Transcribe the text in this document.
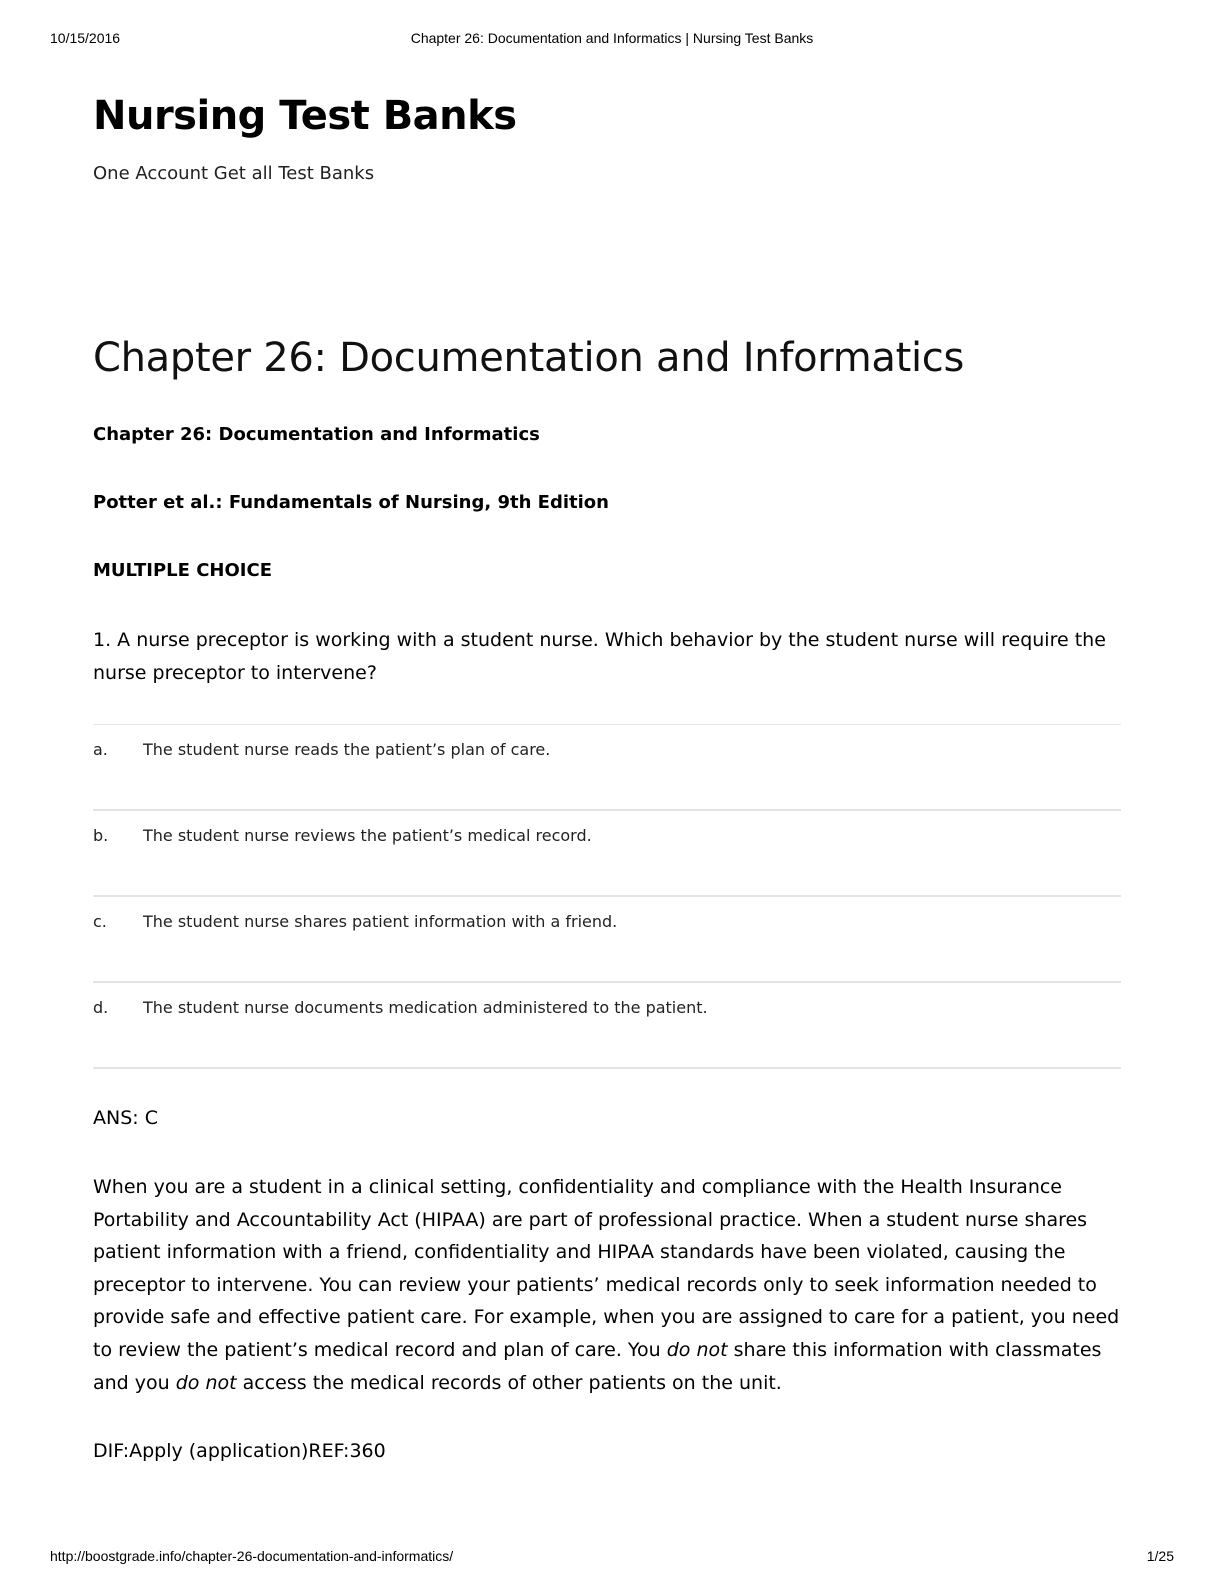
10/15/2016	Chapter 26: Documentation and Informatics | Nursing Test Banks
Nursing Test Banks
One Account Get all Test Banks
Chapter 26: Documentation and Informatics
Chapter 26: Documentation and Informatics
Potter et al.: Fundamentals of Nursing, 9th Edition
MULTIPLE CHOICE

1. A nurse preceptor is working with a student nurse. Which behavior by the student nurse will require the nurse preceptor to intervene?

a. The student nurse reads the patient’s plan of care.
b. The student nurse reviews the patient’s medical record.
c. The student nurse shares patient information with a friend.
d. The student nurse documents medication administered to the patient.
ANS: C

When you are a student in a clinical setting, confidentiality and compliance with the Health Insurance Portability and Accountability Act (HIPAA) are part of professional practice. When a student nurse shares patient information with a friend, confidentiality and HIPAA standards have been violated, causing the preceptor to intervene. You can review your patients’ medical records only to seek information needed to provide safe and effective patient care. For example, when you are assigned to care for a patient, you need to review the patient’s medical record and plan of care. You do not share this information with classmates and you do not access the medical records of other patients on the unit.

DIF:Apply (application)REF:360
http://boostgrade.info/chapter-26-documentation-and-informatics/	1/25
